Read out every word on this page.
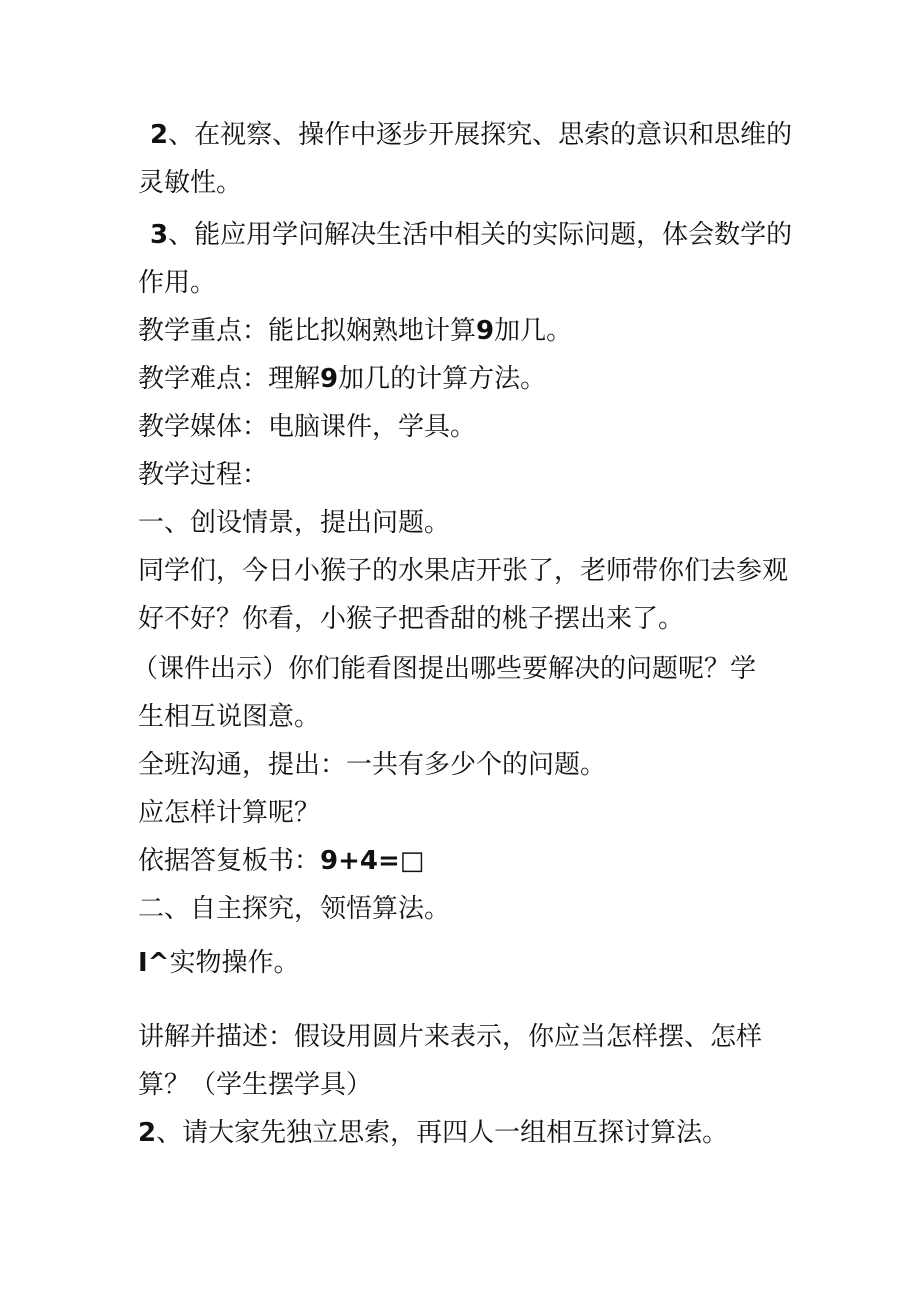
2、在视察、操作中逐步开展探究、思索的意识和思维的
灵敏性。
3、能应用学问解决生活中相关的实际问题，体会数学的
作用。
教学重点：能比拟娴熟地计算9加几。
教学难点：理解9加几的计算方法。
教学媒体：电脑课件，学具。
教学过程：
一、创设情景，提出问题。
同学们，今日小猴子的水果店开张了，老师带你们去参观
好不好？你看，小猴子把香甜的桃子摆出来了。
（课件出示）你们能看图提出哪些要解决的问题呢？学
生相互说图意。
全班沟通，提出：一共有多少个的问题。
应怎样计算呢？
依据答复板书：9+4=□
二、自主探究，领悟算法。
I^实物操作。
讲解并描述：假设用圆片来表示，你应当怎样摆、怎样
算？（学生摆学具）
2、请大家先独立思索，再四人一组相互探讨算法。
